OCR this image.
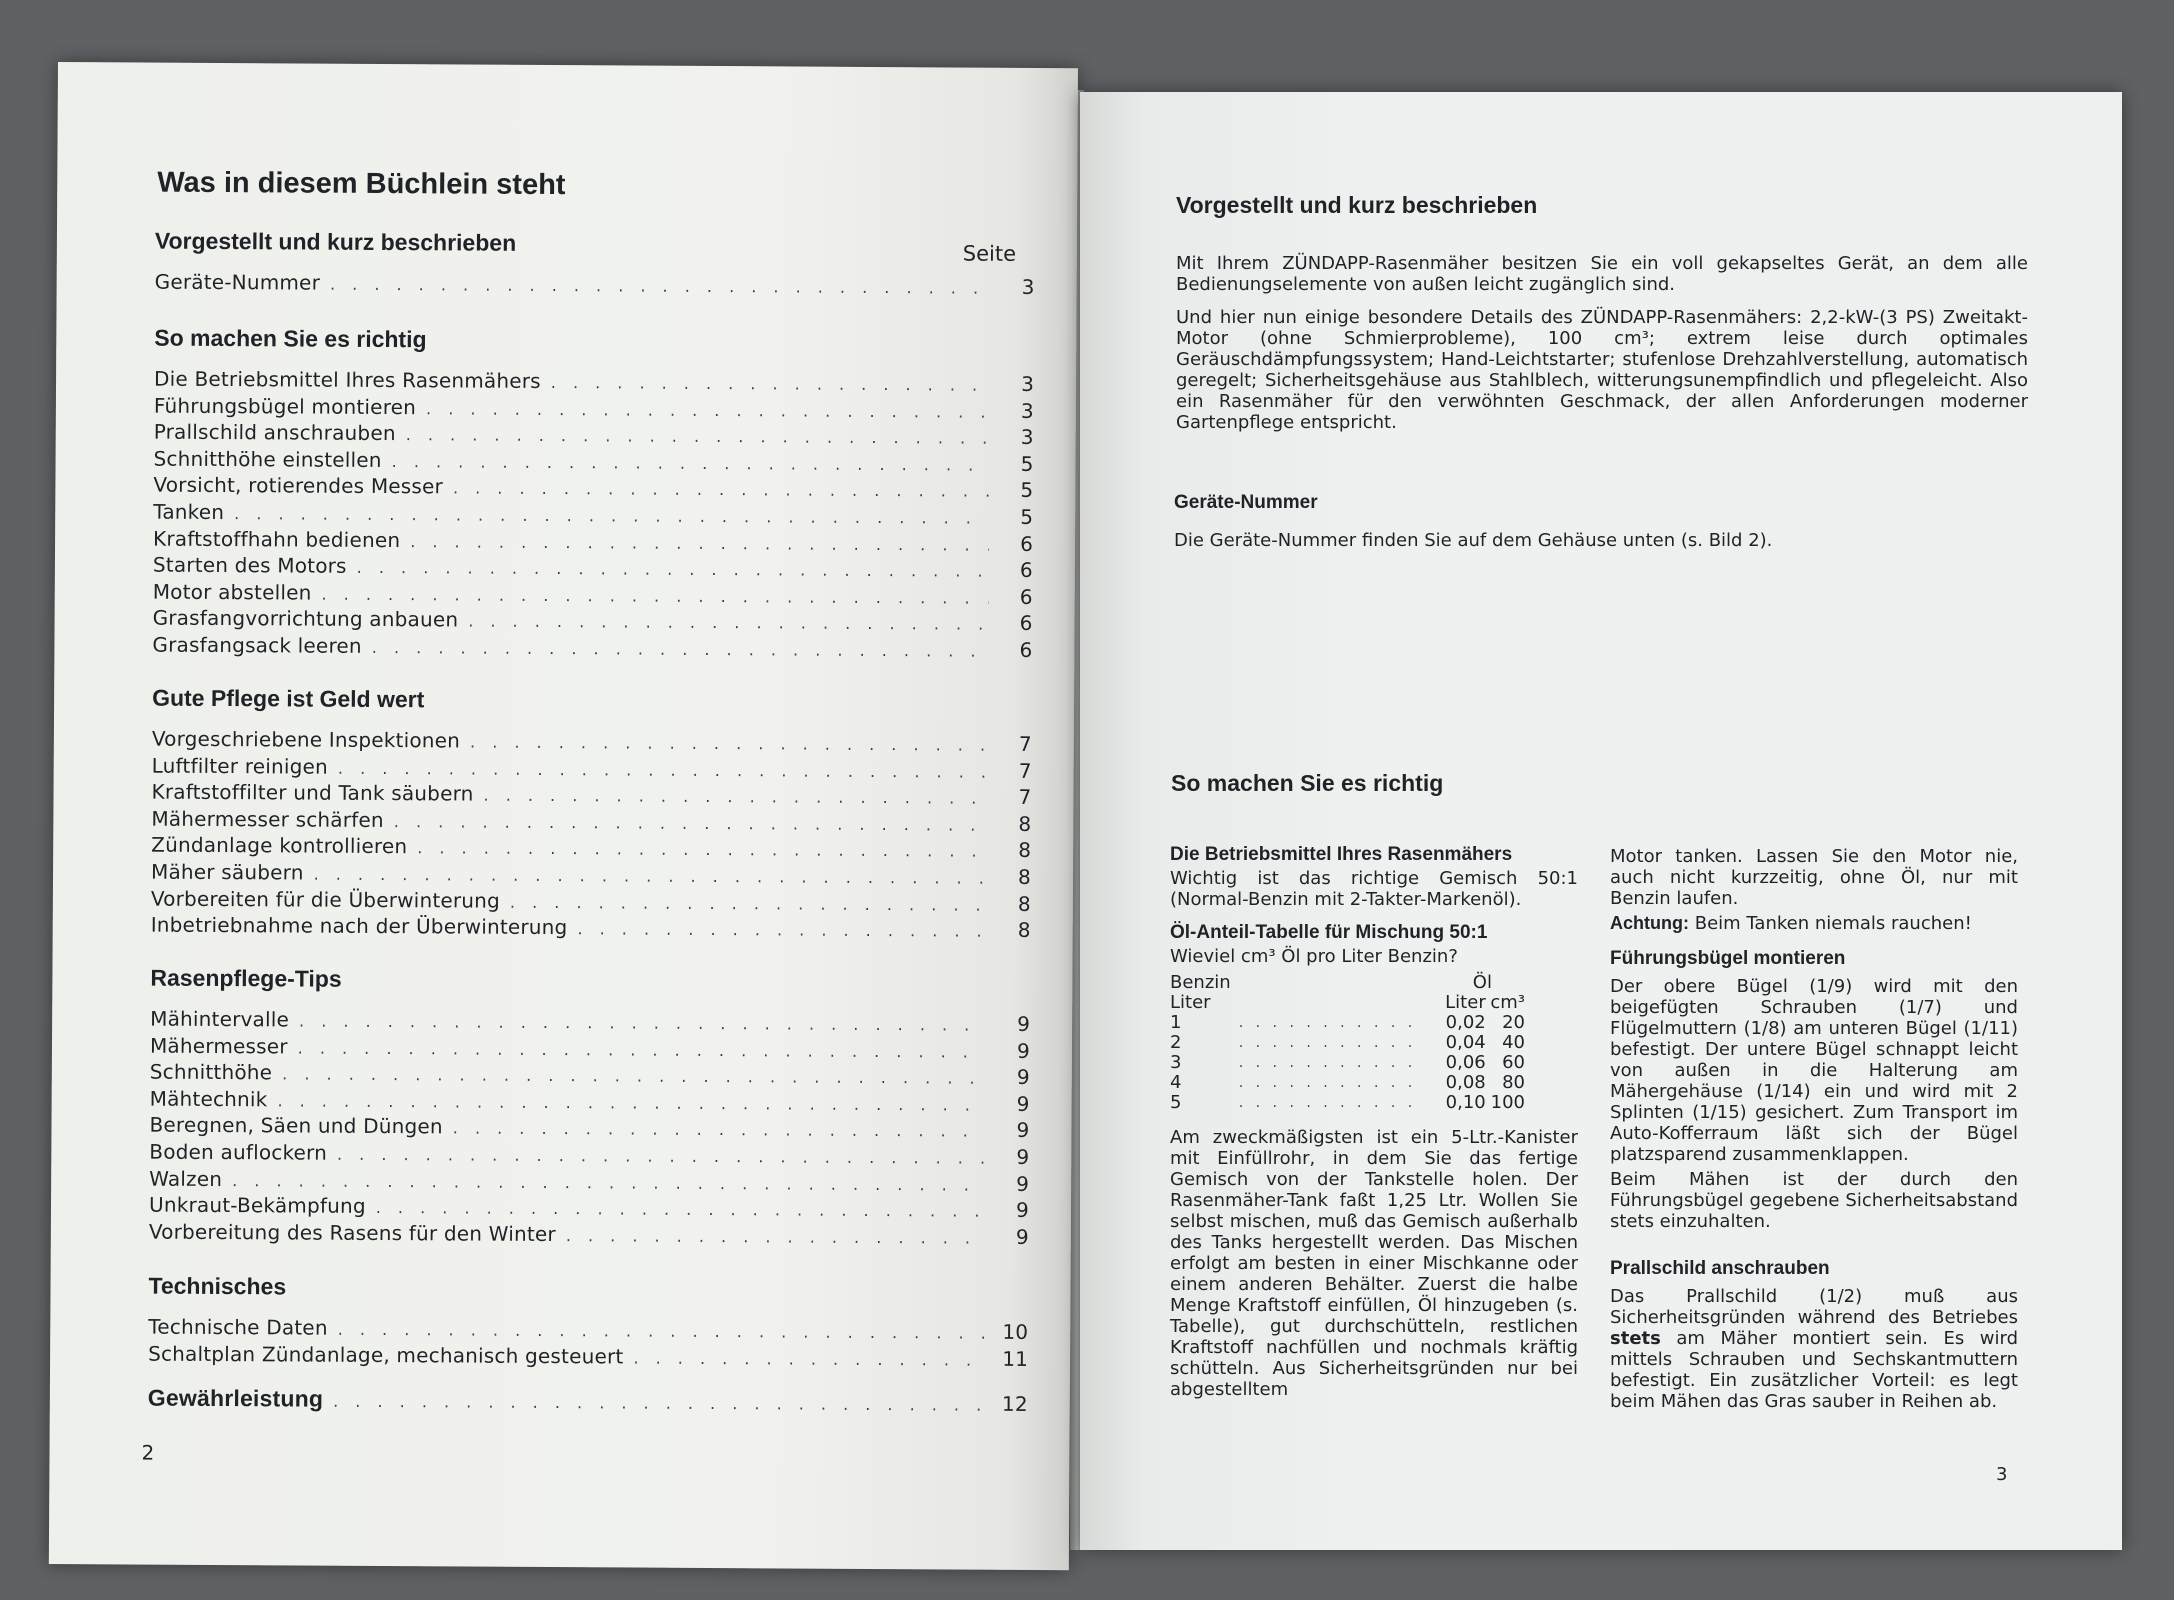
Was in diesem Büchlein steht
Seite
Vorgestellt und kurz beschrieben
Geräte-Nummer . . .	3
So machen Sie es richtig
Die Betriebsmittel Ihres Rasenmähers . . .	3
Führungsbügel montieren . . .	3
Prallschild anschrauben . . .	3
Schnitthöhe einstellen . . .	5
Vorsicht, rotierendes Messer . . .	5
Tanken . . .	5
Kraftstoffhahn bedienen . . .	6
Starten des Motors . . .	6
Motor abstellen . . .	6
Grasfangvorrichtung anbauen . . .	6
Grasfangsack leeren . . .	6
Gute Pflege ist Geld wert
Vorgeschriebene Inspektionen . . .	7
Luftfilter reinigen . . .	7
Kraftstoffilter und Tank säubern . . .	7
Mähermesser schärfen . . .	8
Zündanlage kontrollieren . . .	8
Mäher säubern . . .	8
Vorbereiten für die Überwinterung . . .	8
Inbetriebnahme nach der Überwinterung . . .	8
Rasenpflege-Tips
Mähintervalle . . .	9
Mähermesser . . .	9
Schnitthöhe . . .	9
Mähtechnik . . .	9
Beregnen, Säen und Düngen . . .	9
Boden auflockern . . .	9
Walzen . . .	9
Unkraut-Bekämpfung . . .	9
Vorbereitung des Rasens für den Winter . . .	9
Technisches
Technische Daten . . .	10
Schaltplan Zündanlage, mechanisch gesteuert . . .	11
Gewährleistung . . .	12
2
Vorgestellt und kurz beschrieben

Mit Ihrem ZÜNDAPP-Rasenmäher besitzen Sie ein voll gekapseltes Gerät, an dem alle Bedienungselemente von außen leicht zugänglich sind.

Und hier nun einige besondere Details des ZÜNDAPP-Rasenmähers: 2,2-kW-(3 PS) Zweitakt-Motor (ohne Schmierprobleme), 100 cm³; extrem leise durch optimales Geräuschdämpfungssystem; Hand-Leichtstarter; stufenlose Drehzahlverstellung, automatisch geregelt; Sicherheitsgehäuse aus Stahlblech, witterungsunempfindlich und pflegeleicht. Also ein Rasenmäher für den verwöhnten Geschmack, der allen Anforderungen moderner Gartenpflege entspricht.

Geräte-Nummer

Die Geräte-Nummer finden Sie auf dem Gehäuse unten (s. Bild 2).

So machen Sie es richtig
Die Betriebsmittel Ihres Rasenmähers

Wichtig ist das richtige Gemisch 50:1 (Normal-Benzin mit 2-Takter-Markenöl).

Öl-Anteil-Tabelle für Mischung 50:1

Wieviel cm³ Öl pro Liter Benzin?

Benzin		Öl	
Liter		Liter	cm³
1	. . . . . . . . . . .	0,02	20
2	. . . . . . . . . . .	0,04	40
3	. . . . . . . . . . .	0,06	60
4	. . . . . . . . . . .	0,08	80
5	. . . . . . . . . . .	0,10	100

Am zweckmäßigsten ist ein 5-Ltr.-Kanister mit Einfüllrohr, in dem Sie das fertige Gemisch von der Tankstelle holen. Der Rasenmäher-Tank faßt 1,25 Ltr. Wollen Sie selbst mischen, muß das Gemisch außerhalb des Tanks hergestellt werden. Das Mischen erfolgt am besten in einer Mischkanne oder einem anderen Behälter. Zuerst die halbe Menge Kraftstoff einfüllen, Öl hinzugeben (s. Tabelle), gut durchschütteln, restlichen Kraftstoff nachfüllen und nochmals kräftig schütteln. Aus Sicherheitsgründen nur bei abgestelltem

Motor tanken. Lassen Sie den Motor nie, auch nicht kurzzeitig, ohne Öl, nur mit Benzin laufen.

Achtung: Beim Tanken niemals rauchen!

Führungsbügel montieren

Der obere Bügel (1/9) wird mit den beigefügten Schrauben (1/7) und Flügelmuttern (1/8) am unteren Bügel (1/11) befestigt. Der untere Bügel schnappt leicht von außen in die Halterung am Mähergehäuse (1/14) ein und wird mit 2 Splinten (1/15) gesichert. Zum Transport im Auto-Kofferraum läßt sich der Bügel platzsparend zusammenklappen.

Beim Mähen ist der durch den Führungsbügel gegebene Sicherheitsabstand stets einzuhalten.

Prallschild anschrauben

Das Prallschild (1/2) muß aus Sicherheitsgründen während des Betriebes stets am Mäher montiert sein. Es wird mittels Schrauben und Sechskantmuttern befestigt. Ein zusätzlicher Vorteil: es legt beim Mähen das Gras sauber in Reihen ab.

3
